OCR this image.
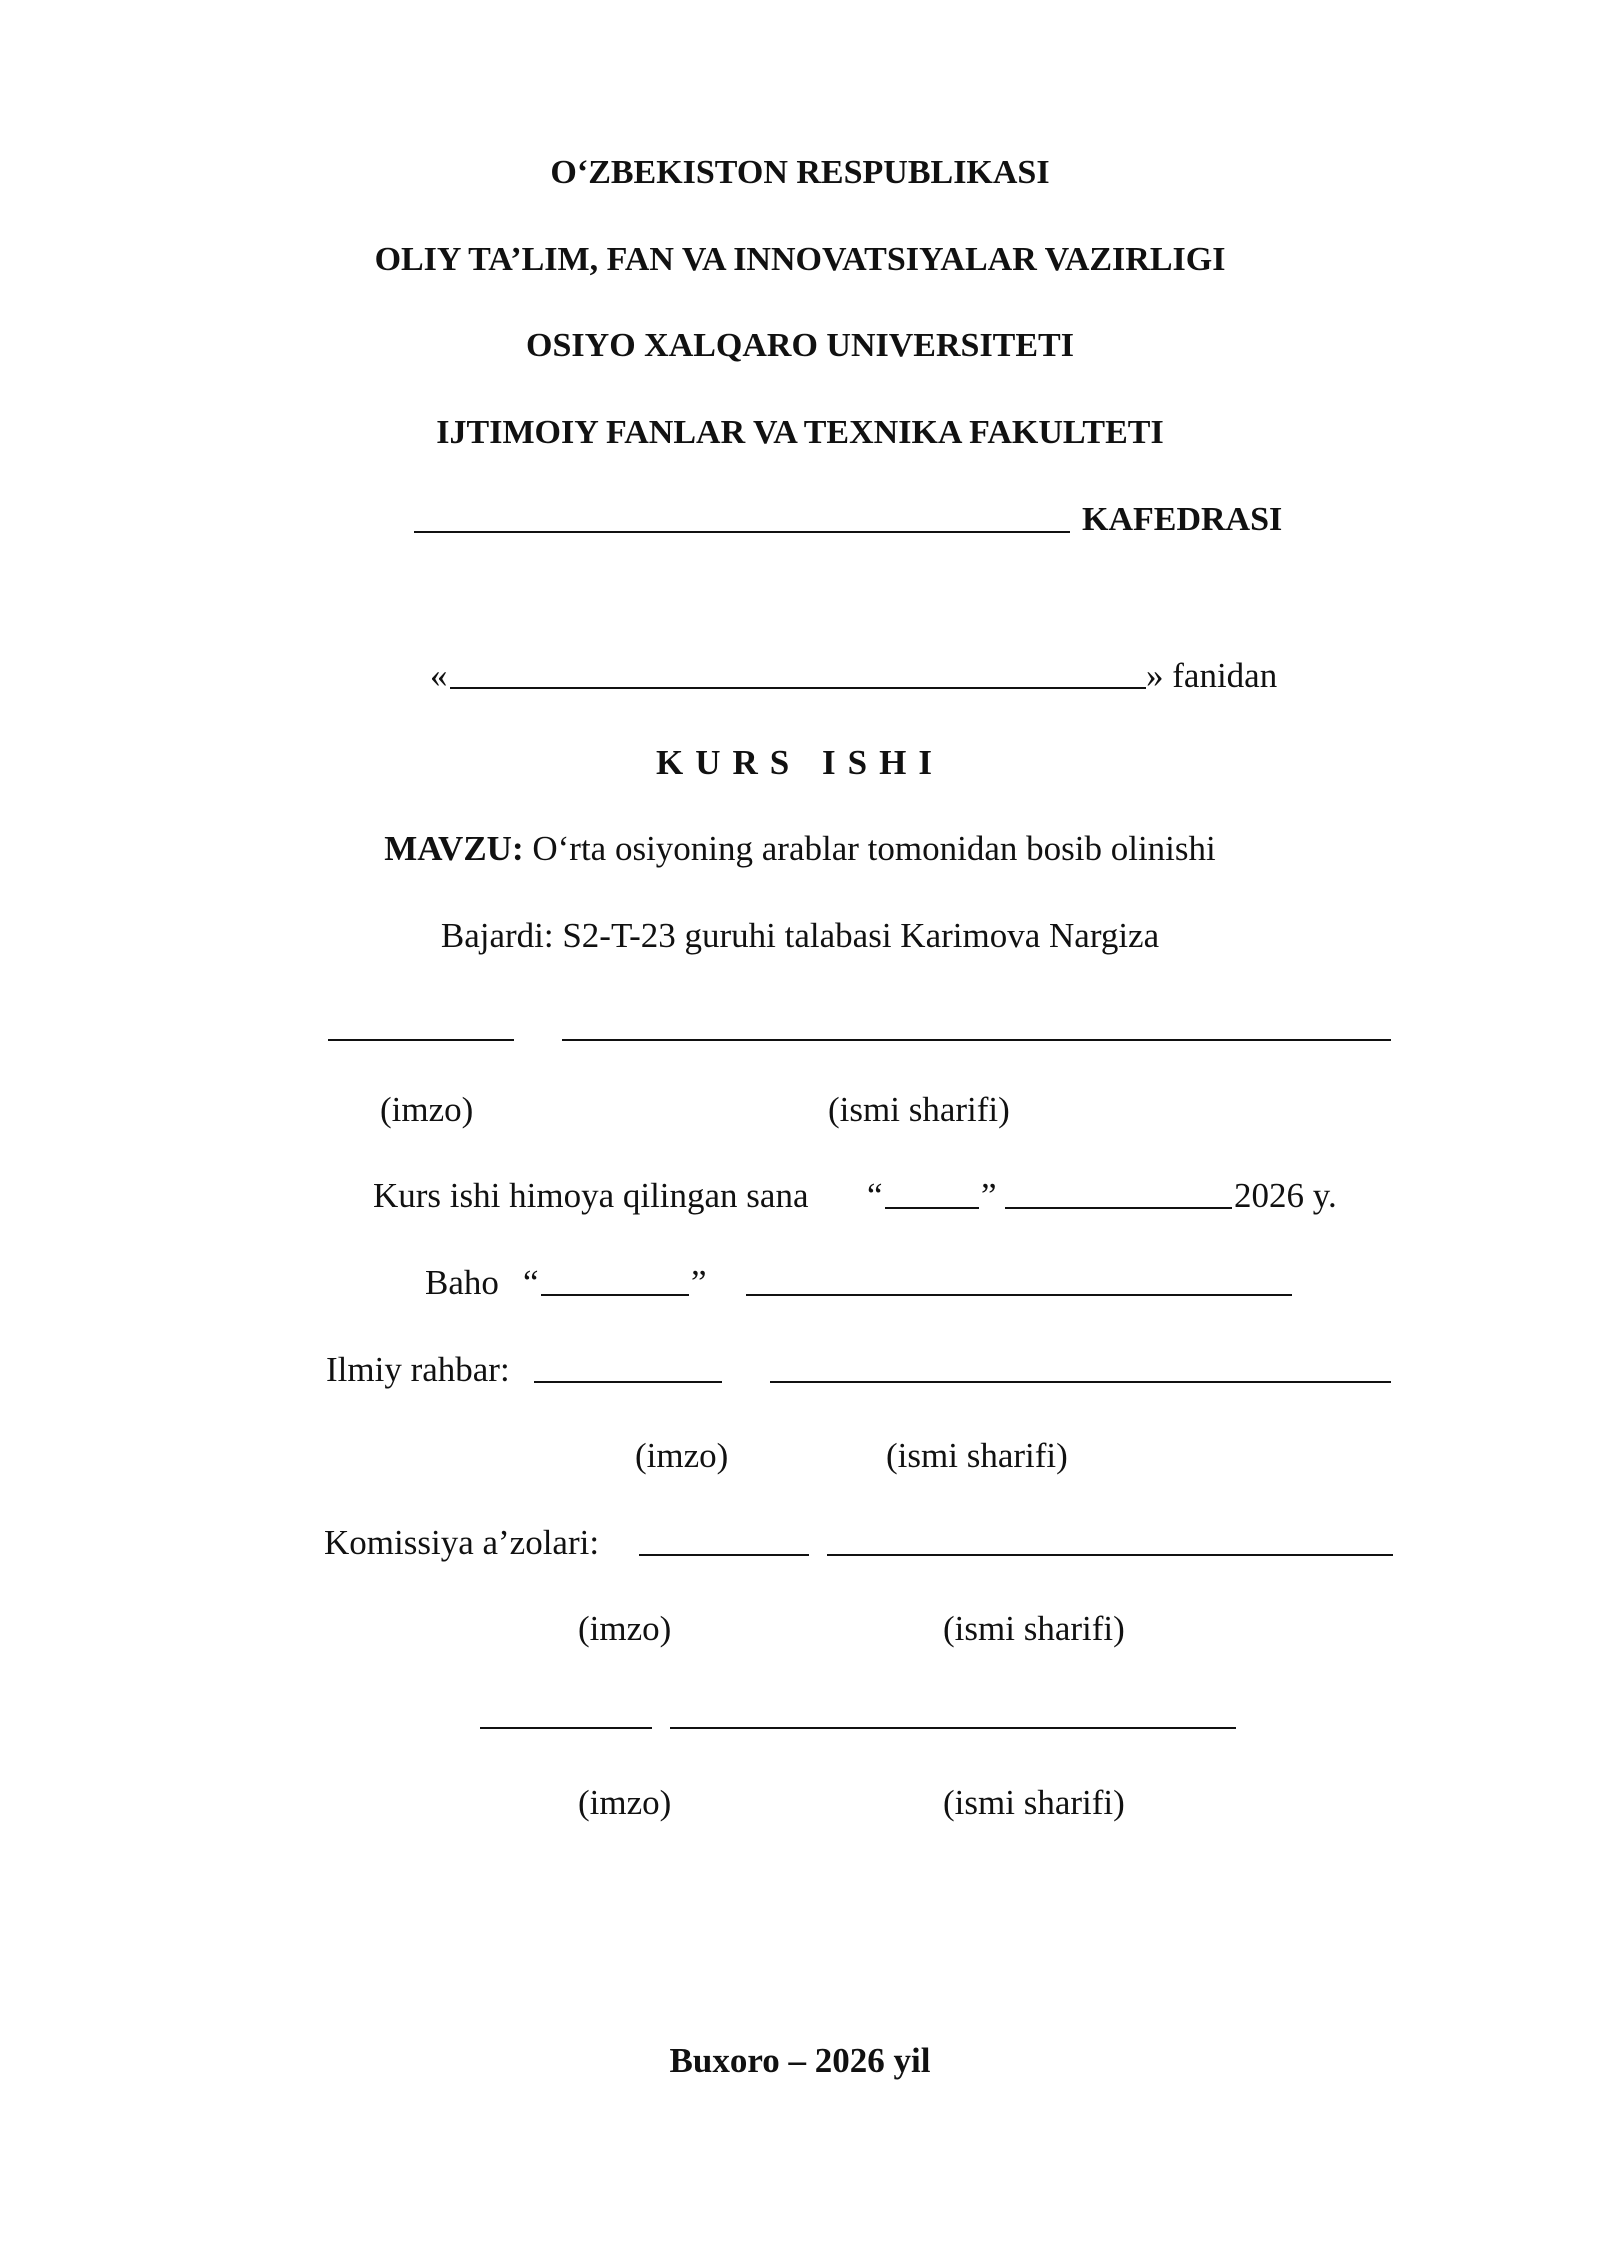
O‘ZBEKISTON RESPUBLIKASI
OLIY TA’LIM, FAN VA INNOVATSIYALAR VAZIRLIGI
OSIYO XALQARO UNIVERSITETI
IJTIMOIY FANLAR VA TEXNIKA FAKULTETI
KAFEDRASI
«	» fanidan
KURS ISHI
MAVZU: O‘rta osiyoning arablar tomonidan bosib olinishi
Bajardi: S2-T-23 guruhi talabasi Karimova Nargiza
(imzo)	(ismi sharifi)
Kurs ishi himoya qilingan sana “	”	2026 y.
Baho “	”
Ilmiy rahbar:
(imzo)	(ismi sharifi)
Komissiya a’zolari:
(imzo)	(ismi sharifi)
(imzo)	(ismi sharifi)
Buxoro – 2026 yil
